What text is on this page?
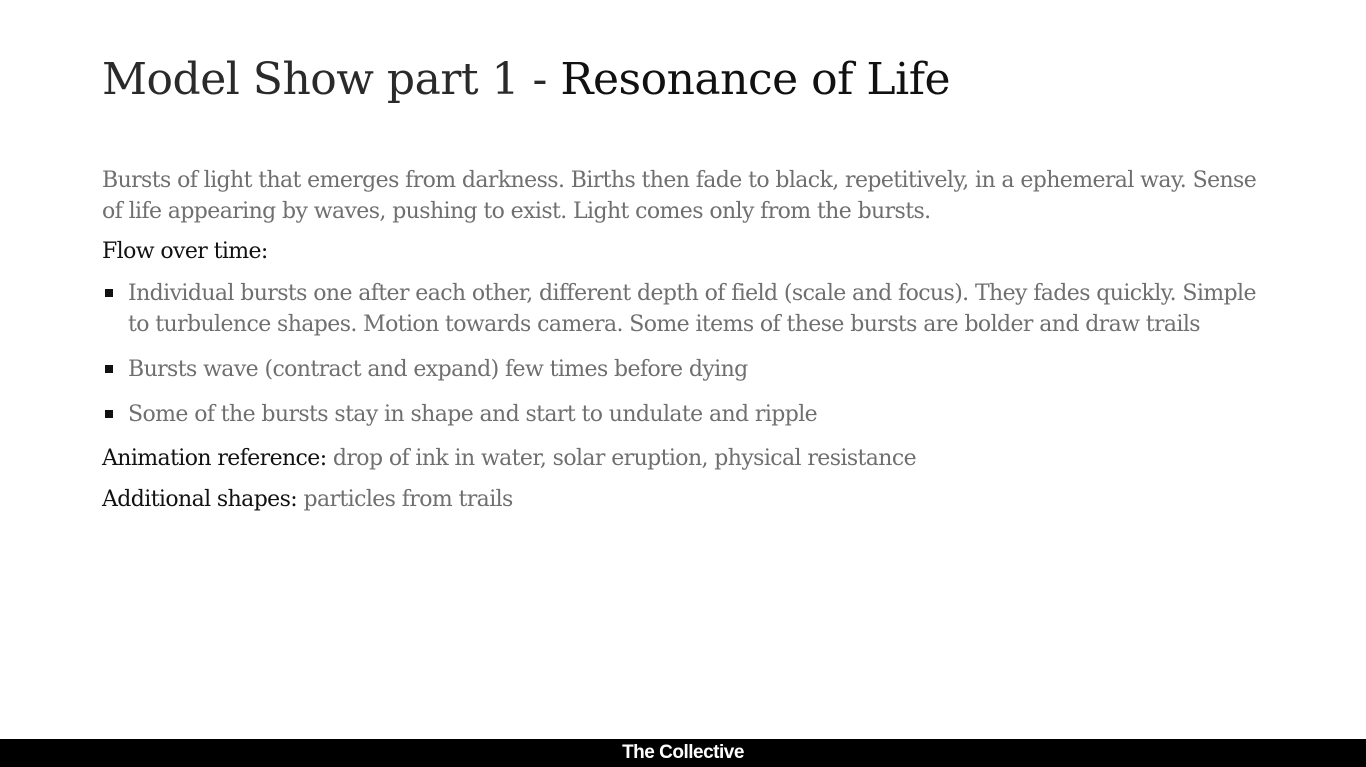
Model Show part 1 - Resonance of Life

Bursts of light that emerges from darkness. Births then fade to black, repetitively, in a ephemeral way. Sense of life appearing by waves, pushing to exist. Light comes only from the bursts.

Flow over time:

Individual bursts one after each other, different depth of field (scale and focus). They fades quickly. Simple to turbulence shapes. Motion towards camera. Some items of these bursts are bolder and draw trails
Bursts wave (contract and expand) few times before dying
Some of the bursts stay in shape and start to undulate and ripple

Animation reference: drop of ink in water, solar eruption, physical resistance

Additional shapes: particles from trails

The Collective
